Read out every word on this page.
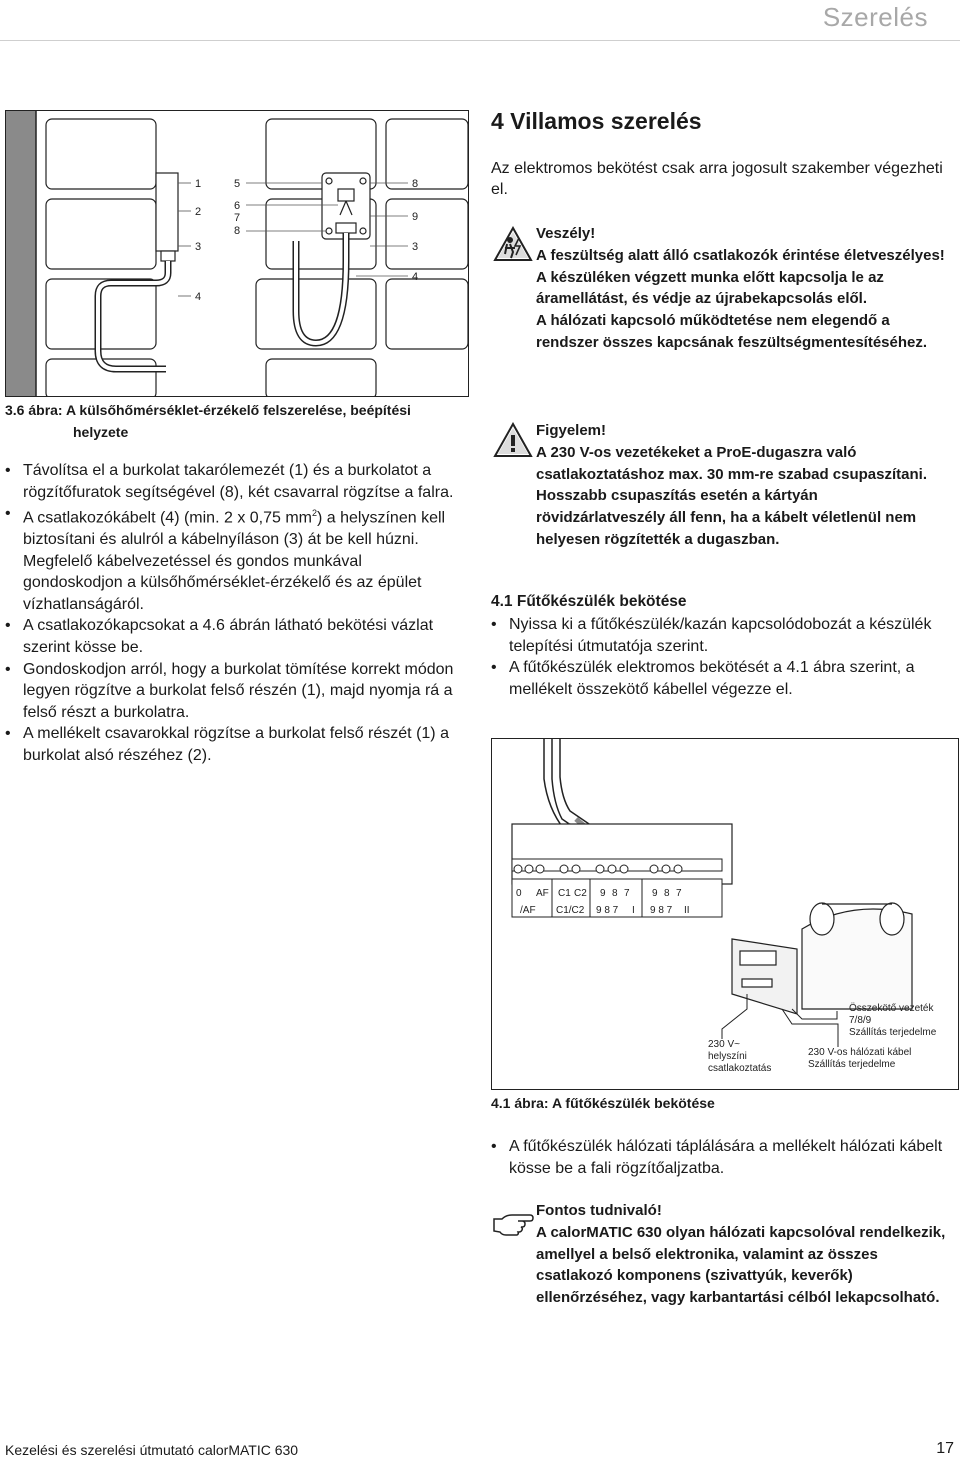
Szerelés
1
2
3
4
5
6
7
8
8
9
3
4
3.6 ábra: A külsőhőmérséklet-érzékelő felszerelése, beépítési
helyzete

• Távolítsa el a burkolat takarólemezét (1) és a burkolatot a rögzítőfuratok segítségével (8), két csavarral rögzítse a falra.

• A csatlakozókábelt (4) (min. 2 x 0,75 $mm^2$) a helyszínen kell biztosítani és alulról a kábelnyíláson (3) át be kell húzni.

Megfelelő kábelvezetéssel és gondos munkával gondoskodjon a külsőhőmérséklet-érzékelő és az épület vízhatlanságáról.

• A csatlakozókapcsokat a 4.6 ábrán látható bekötési vázlat szerint kösse be.

• Gondoskodjon arról, hogy a burkolat tömítése korrekt módon legyen rögzítve a burkolat felső részén (1), majd nyomja rá a felső részt a burkolatra.

• A mellékelt csavarokkal rögzítse a burkolat felső részét (1) a burkolat alsó részéhez (2).

4 Villamos szerelés
Az elektromos bekötést csak arra jogosult szakember végezheti el.
Veszély!
A feszültség alatt álló csatlakozók érintése életveszélyes!
A készüléken végzett munka előtt kapcsolja le az áramellátást, és védje az újrabekapcsolás elől.
A hálózati kapcsoló működtetése nem elegendő a rendszer összes kapcsának feszültségmentesítéséhez.
Figyelem!
A 230 V-os vezetékeket a ProE-dugaszra való csatlakoztatáshoz max. 30 mm-re szabad csupaszítani. Hosszabb csupaszítás esetén a kártyán rövidzárlatveszély áll fenn, ha a kábelt véletlenül nem helyesen rögzítették a dugaszban.
4.1 Fűtőkészülék bekötése

• Nyissa ki a fűtőkészülék/kazán kapcsolódobozát a készülék telepítési útmutatója szerint.

• A fűtőkészülék elektromos bekötését a 4.1 ábra szerint, a mellékelt összekötő kábellel végezze el.

0 AF C1 C2 9 8 7 9 8 7
/AF C1/C2 9 8 7 I 9 8 7 II
230 V~
helyszíni
csatlakoztatás
Összekötő vezeték
7/8/9
Szállítás terjedelme
230 V-os hálózati kábel
Szállítás terjedelme
4.1 ábra: A fűtőkészülék bekötése

• A fűtőkészülék hálózati táplálására a mellékelt hálózati kábelt kösse be a fali rögzítőaljzatba.

Fontos tudnivaló!
A calorMATIC 630 olyan hálózati kapcsolóval rendelkezik, amellyel a belső elektronika, valamint az összes csatlakozó komponens (szivattyúk, keverők) ellenőrzéséhez, vagy karbantartási célból lekapcsolható.
Kezelési és szerelési útmutató calorMATIC 630	17
